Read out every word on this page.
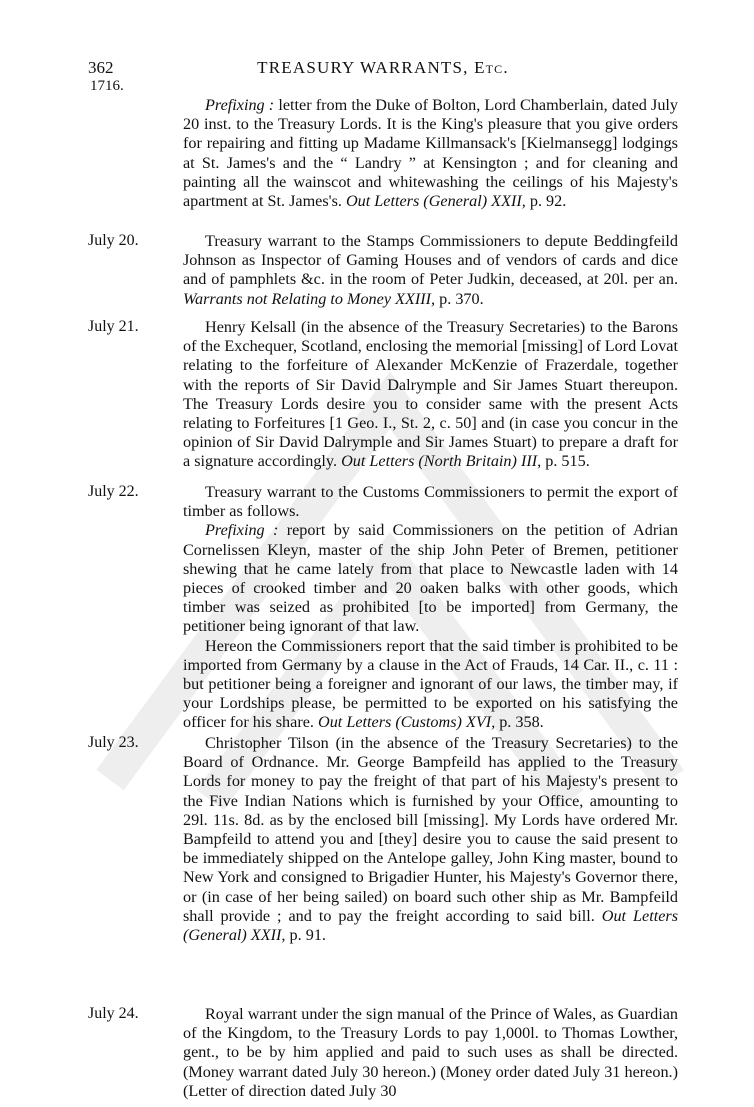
362	TREASURY WARRANTS, Etc.
1716.

Prefixing : letter from the Duke of Bolton, Lord Chamberlain, dated July 20 inst. to the Treasury Lords. It is the King's pleasure that you give orders for repairing and fitting up Madame Killmansack's [Kielmansegg] lodgings at St. James's and the “ Landry ” at Kensington ; and for cleaning and painting all the wainscot and whitewashing the ceilings of his Majesty's apartment at St. James's. Out Letters (General) XXII, p. 92.

July 20.	Treasury warrant to the Stamps Commissioners to depute Beddingfeild Johnson as Inspector of Gaming Houses and of vendors of cards and dice and of pamphlets &c. in the room of Peter Judkin, deceased, at 20l. per an. Warrants not Relating to Money XXIII, p. 370.

July 21.	Henry Kelsall (in the absence of the Treasury Secretaries) to the Barons of the Exchequer, Scotland, enclosing the memorial [missing] of Lord Lovat relating to the forfeiture of Alexander McKenzie of Frazerdale, together with the reports of Sir David Dalrymple and Sir James Stuart thereupon. The Treasury Lords desire you to consider same with the present Acts relating to Forfeitures [1 Geo. I., St. 2, c. 50] and (in case you concur in the opinion of Sir David Dalrymple and Sir James Stuart) to prepare a draft for a signature accordingly. Out Letters (North Britain) III, p. 515.

July 22.	Treasury warrant to the Customs Commissioners to permit the export of timber as follows.

Prefixing : report by said Commissioners on the petition of Adrian Cornelissen Kleyn, master of the ship John Peter of Bremen, petitioner shewing that he came lately from that place to Newcastle laden with 14 pieces of crooked timber and 20 oaken balks with other goods, which timber was seized as prohibited [to be imported] from Germany, the petitioner being ignorant of that law.

Hereon the Commissioners report that the said timber is prohibited to be imported from Germany by a clause in the Act of Frauds, 14 Car. II., c. 11 : but petitioner being a foreigner and ignorant of our laws, the timber may, if your Lordships please, be permitted to be exported on his satisfying the officer for his share. Out Letters (Customs) XVI, p. 358.

July 23.	Christopher Tilson (in the absence of the Treasury Secretaries) to the Board of Ordnance. Mr. George Bampfeild has applied to the Treasury Lords for money to pay the freight of that part of his Majesty's present to the Five Indian Nations which is furnished by your Office, amounting to 29l. 11s. 8d. as by the enclosed bill [missing]. My Lords have ordered Mr. Bampfeild to attend you and [they] desire you to cause the said present to be immediately shipped on the Antelope galley, John King master, bound to New York and consigned to Brigadier Hunter, his Majesty's Governor there, or (in case of her being sailed) on board such other ship as Mr. Bampfeild shall provide ; and to pay the freight according to said bill. Out Letters (General) XXII, p. 91.

July 24.	Royal warrant under the sign manual of the Prince of Wales, as Guardian of the Kingdom, to the Treasury Lords to pay 1,000l. to Thomas Lowther, gent., to be by him applied and paid to such uses as shall be directed. (Money warrant dated July 30 hereon.) (Money order dated July 31 hereon.) (Letter of direction dated July 30
